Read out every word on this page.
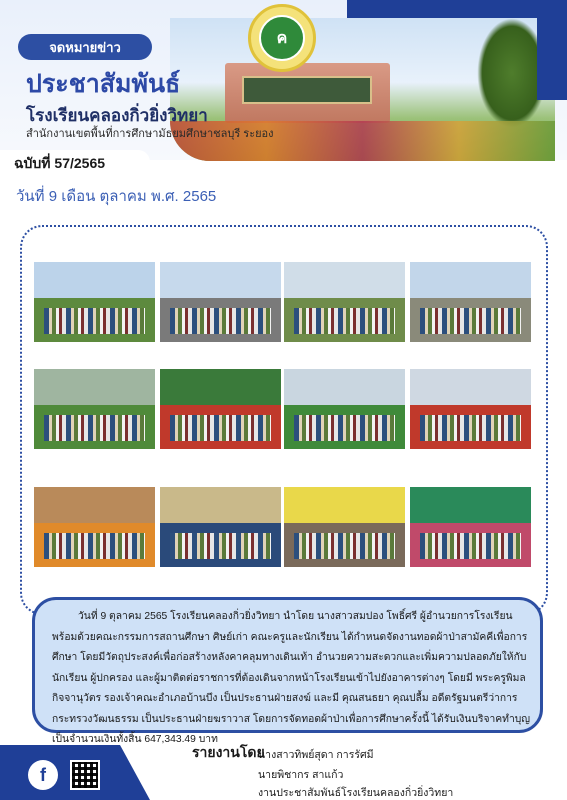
ค
จดหมายข่าว
ประชาสัมพันธ์
โรงเรียนคลองกิ่วยิ่งวิทยา
สำนักงานเขตพื้นที่การศึกษามัธยมศึกษาชลบุรี ระยอง
ฉบับที่ 57/2565
วันที่ 9 เดือน ตุลาคม พ.ศ. 2565
วันที่ 9 ตุลาคม 2565 โรงเรียนคลองกิ่วยิ่งวิทยา นำโดย นางสาวสมปอง โพธิ์ศรี ผู้อำนวยการโรงเรียน พร้อมด้วยคณะกรรมการสถานศึกษา ศิษย์เก่า คณะครูและนักเรียน ได้กำหนดจัดงานทอดผ้าป่าสามัคคีเพื่อการศึกษา โดยมีวัตถุประสงค์เพื่อก่อสร้างหลังคาคลุมทางเดินเท้า อำนวยความสะดวกและเพิ่มความปลอดภัยให้กับนักเรียน ผู้ปกครอง และผู้มาติดต่อราชการที่ต้องเดินจากหน้าโรงเรียนเข้าไปยังอาคารต่างๆ โดยมี พระครูพิมลกิจจานุวัตร รองเจ้าคณะอำเภอบ้านบึง เป็นประธานฝ่ายสงฆ์ และมี คุณสนธยา คุณปลื้ม อดีตรัฐมนตรีว่าการกระทรวงวัฒนธรรม เป็นประธานฝ่ายฆราวาส โดยการจัดทอดผ้าป่าเพื่อการศึกษาครั้งนี้ ได้รับเงินบริจาคทำบุญ เป็นจำนวนเงินทั้งสิ้น 647,343.49 บาท
f
รายงานโดย
นางสาวทิพย์สุดา การรัศมี
นายพิชากร สาแก้ว
งานประชาสัมพันธ์โรงเรียนคลองกิ่วยิ่งวิทยา
